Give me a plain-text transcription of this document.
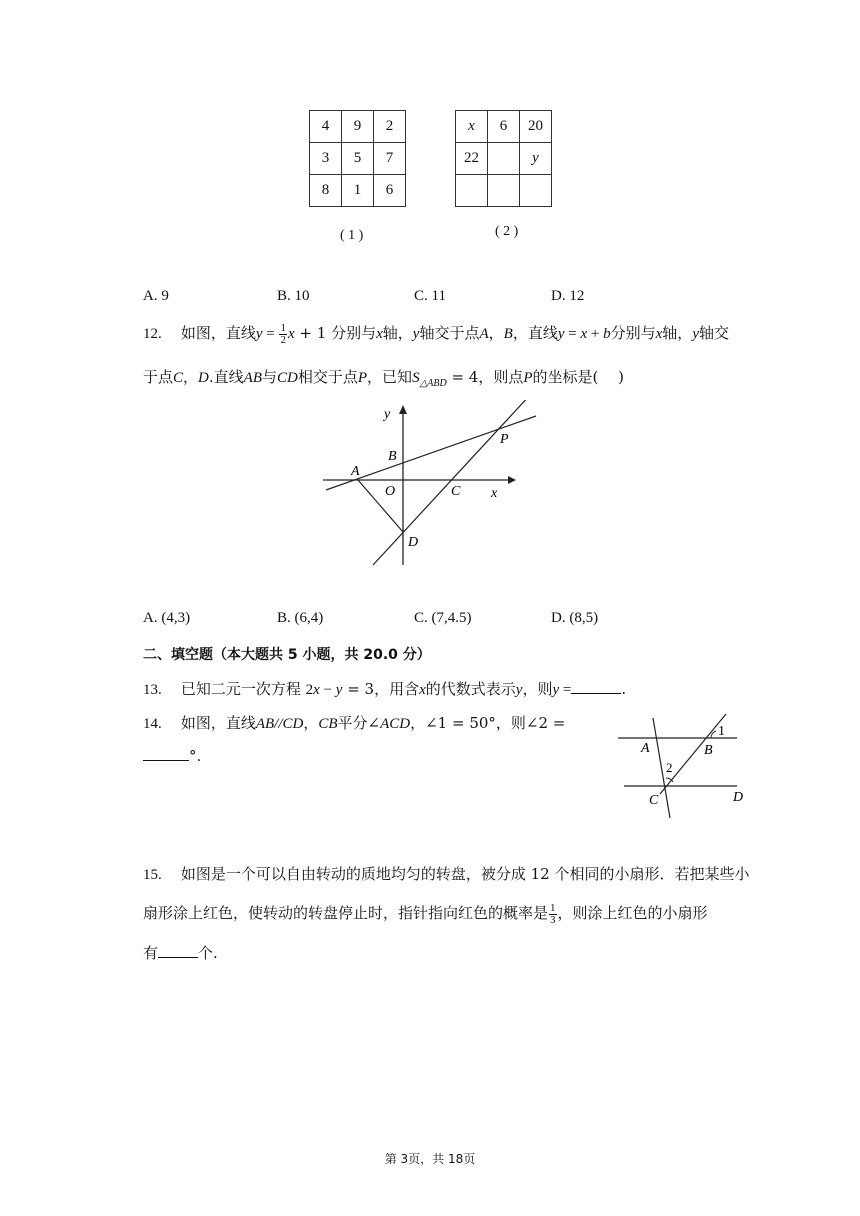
4	9	2
3	5	7
8	1	6
( 1 )
x	6	20
22		y

( 2 )
A. 9	B. 10	C. 11	D. 12
12. 如图，直线$y = \frac{1}{2}$ x + 1 分别与x轴，y轴交于点A，B，直线y = x + b分别与x轴，y轴交
于点C，D.直线AB与CD相交于点P，已知$S_{\triangle ABD} = 4$，则点P的坐标是(　 )
y
B
P
A
O	C x
D
A. (4,3)	B. (6,4)	C. (7,4.5)	D. (8,5)
二、填空题（本大题共 5 小题，共 20.0 分）
13. 已知二元一次方程 2x − y = 3，用含x的代数式表示y，则y =	.
14. 如图，直线AB//CD，CB平分∠ACD，∠1 = 50°，则∠2 =
°.
1
A	B
2
C	D
15. 如图是一个可以自由转动的质地均匀的转盘，被分成 12 个相同的小扇形．若把某些小
扇形涂上红色，使转动的转盘停止时，指针指向红色的概率是 $\frac{1}{3}$ ，则涂上红色的小扇形
有	个.
第 3页，共 18页
